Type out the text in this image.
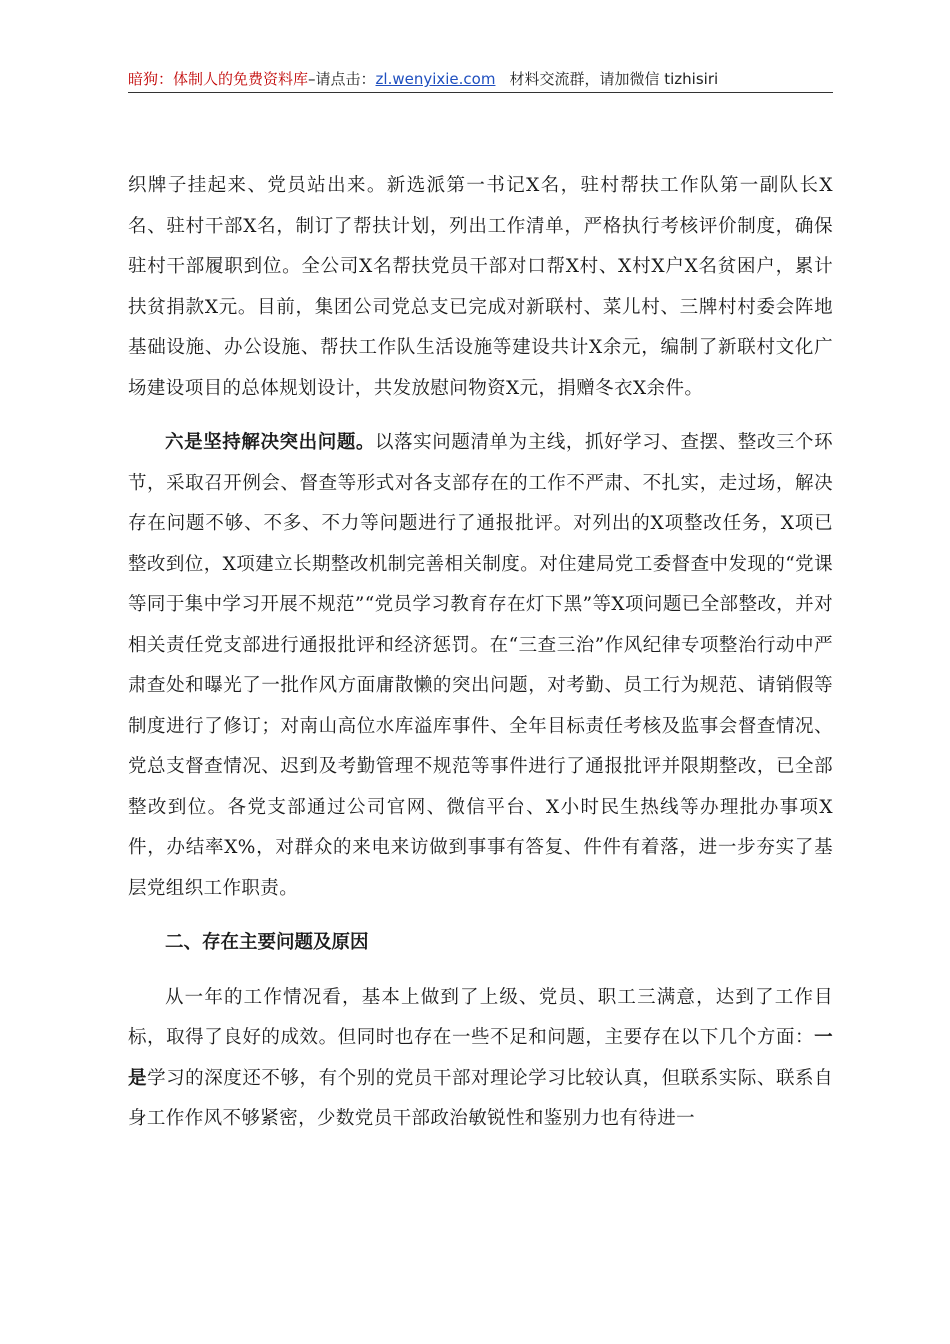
暗狗：体制人的免费资料库–请点击：zl.wenyixie.com 材料交流群，请加微信 tizhisiri

织牌子挂起来、党员站出来。新选派第一书记X名，驻村帮扶工作队第一副队长X名、驻村干部X名，制订了帮扶计划，列出工作清单，严格执行考核评价制度，确保驻村干部履职到位。全公司X名帮扶党员干部对口帮X村、X村X户X名贫困户，累计扶贫捐款X元。目前，集团公司党总支已完成对新联村、菜儿村、三牌村村委会阵地基础设施、办公设施、帮扶工作队生活设施等建设共计X余元，编制了新联村文化广场建设项目的总体规划设计，共发放慰问物资X元，捐赠冬衣X余件。

六是坚持解决突出问题。以落实问题清单为主线，抓好学习、查摆、整改三个环节，采取召开例会、督查等形式对各支部存在的工作不严肃、不扎实，走过场，解决存在问题不够、不多、不力等问题进行了通报批评。对列出的X项整改任务，X项已整改到位，X项建立长期整改机制完善相关制度。对住建局党工委督查中发现的“党课等同于集中学习开展不规范”“党员学习教育存在灯下黑”等X项问题已全部整改，并对相关责任党支部进行通报批评和经济惩罚。在“三查三治”作风纪律专项整治行动中严肃查处和曝光了一批作风方面庸散懒的突出问题，对考勤、员工行为规范、请销假等制度进行了修订；对南山高位水库溢库事件、全年目标责任考核及监事会督查情况、党总支督查情况、迟到及考勤管理不规范等事件进行了通报批评并限期整改，已全部整改到位。各党支部通过公司官网、微信平台、X小时民生热线等办理批办事项X件，办结率X%，对群众的来电来访做到事事有答复、件件有着落，进一步夯实了基层党组织工作职责。

二、存在主要问题及原因

从一年的工作情况看，基本上做到了上级、党员、职工三满意，达到了工作目标，取得了良好的成效。但同时也存在一些不足和问题，主要存在以下几个方面：一是学习的深度还不够，有个别的党员干部对理论学习比较认真，但联系实际、联系自身工作作风不够紧密，少数党员干部政治敏锐性和鉴别力也有待进一
